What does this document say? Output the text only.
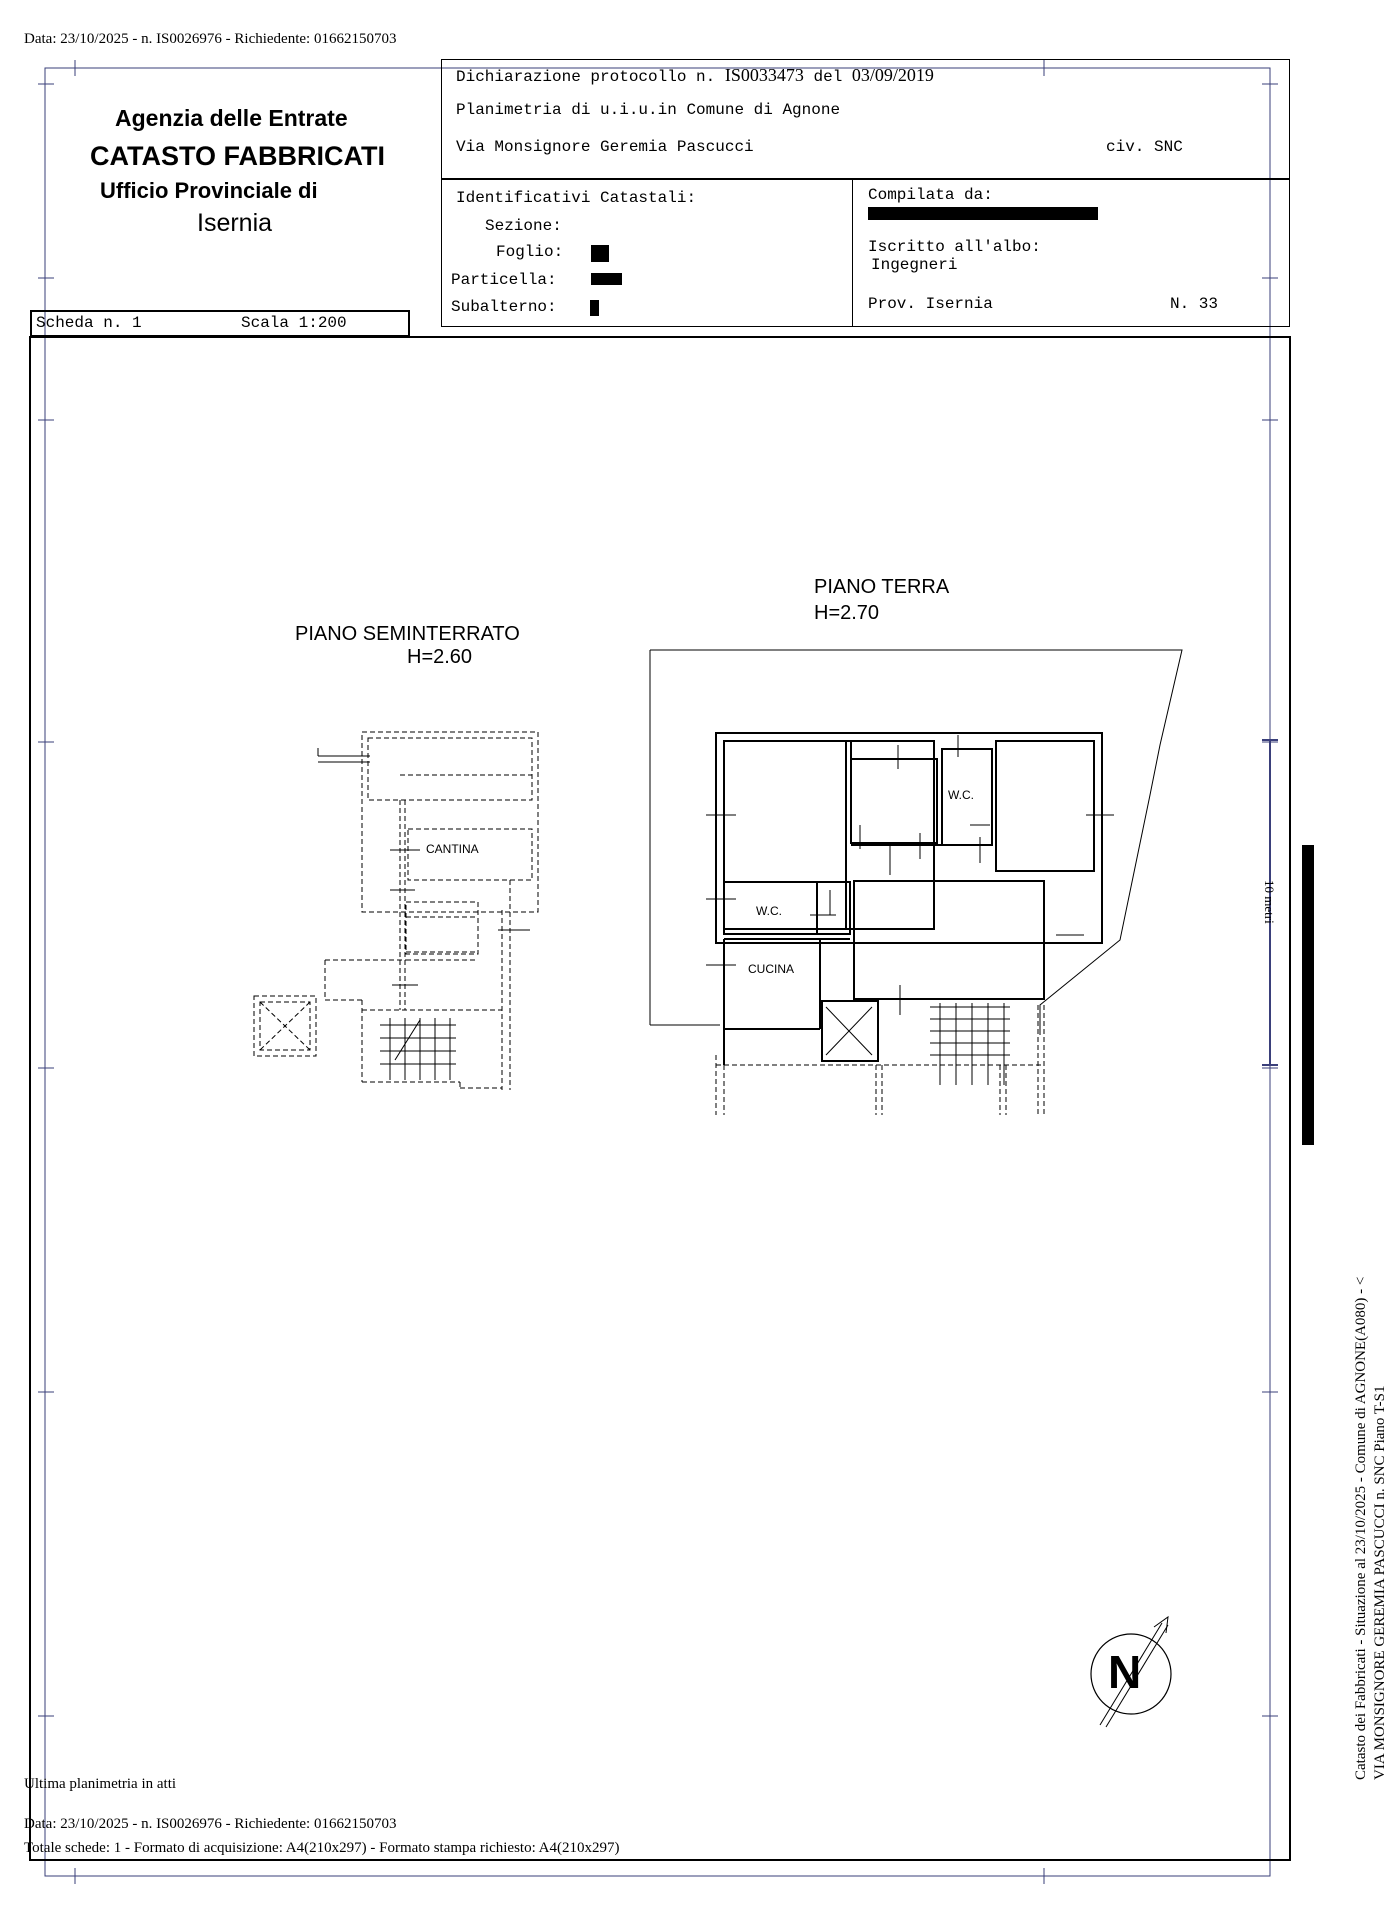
Data: 23/10/2025 - n. IS0026976 - Richiedente: 01662150703
Agenzia delle Entrate
CATASTO FABBRICATI
Ufficio Provinciale di
Isernia
Dichiarazione protocollo n. IS0033473 del 03/09/2019
Planimetria di u.i.u.in Comune di Agnone
Via Monsignore Geremia Pascucci	civ. SNC
Identificativi Catastali:
Sezione:
Foglio:
Particella:
Subalterno:
Compilata da:
Iscritto all'albo:
Ingegneri
Prov. Isernia	N. 33
Scheda n. 1	Scala 1:200
PIANO SEMINTERRATO
H=2.60
PIANO TERRA
H=2.70
CANTINA
W.C.
W.C.
CUCINA
10 metri
N	Catasto dei Fabbricati - Situazione al 23/10/2025 - Comune di AGNONE(A080) - < VIA MONSIGNORE GEREMIA PASCUCCI n. SNC Piano T-S1
Ultima planimetria in atti
Data: 23/10/2025 - n. IS0026976 - Richiedente: 01662150703
Totale schede: 1 - Formato di acquisizione: A4(210x297) - Formato stampa richiesto: A4(210x297)
